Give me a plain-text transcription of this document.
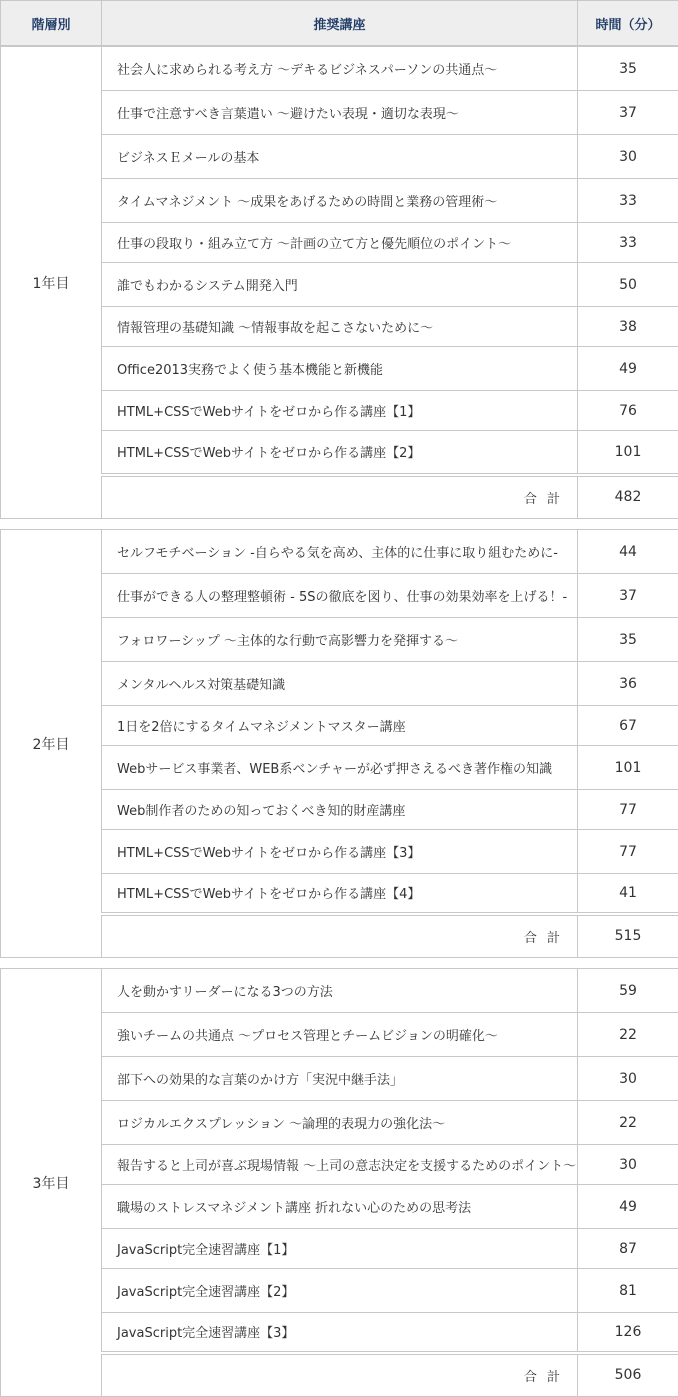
階層別	推奨講座	時間（分）
1年目	社会人に求められる考え方 〜デキるビジネスパーソンの共通点〜	35
	仕事で注意すべき言葉遣い 〜避けたい表現・適切な表現〜	37
	ビジネスＥメールの基本	30
	タイムマネジメント 〜成果をあげるための時間と業務の管理術〜	33
	仕事の段取り・組み立て方 〜計画の立て方と優先順位のポイント〜	33
	誰でもわかるシステム開発入門	50
	情報管理の基礎知識 〜情報事故を起こさないために〜	38
	Office2013実務でよく使う基本機能と新機能	49
	HTML+CSSでWebサイトをゼロから作る講座【1】	76
	HTML+CSSでWebサイトをゼロから作る講座【2】	101
	合 計	482
2年目	セルフモチベーション -自らやる気を高め、主体的に仕事に取り組むために-	44
	仕事ができる人の整理整頓術 - 5Sの徹底を図り、仕事の効果効率を上げる！-	37
	フォロワーシップ 〜主体的な行動で高影響力を発揮する〜	35
	メンタルヘルス対策基礎知識	36
	1日を2倍にするタイムマネジメントマスター講座	67
	Webサービス事業者、WEB系ベンチャーが必ず押さえるべき著作権の知識	101
	Web制作者のための知っておくべき知的財産講座	77
	HTML+CSSでWebサイトをゼロから作る講座【3】	77
	HTML+CSSでWebサイトをゼロから作る講座【4】	41
	合 計	515
3年目	人を動かすリーダーになる3つの方法	59
	強いチームの共通点 〜プロセス管理とチームビジョンの明確化〜	22
	部下への効果的な言葉のかけ方「実況中継手法」	30
	ロジカルエクスプレッション 〜論理的表現力の強化法〜	22
	報告すると上司が喜ぶ現場情報 〜上司の意志決定を支援するためのポイント〜	30
	職場のストレスマネジメント講座 折れない心のための思考法	49
	JavaScript完全速習講座【1】	87
	JavaScript完全速習講座【2】	81
	JavaScript完全速習講座【3】	126
	合 計	506
